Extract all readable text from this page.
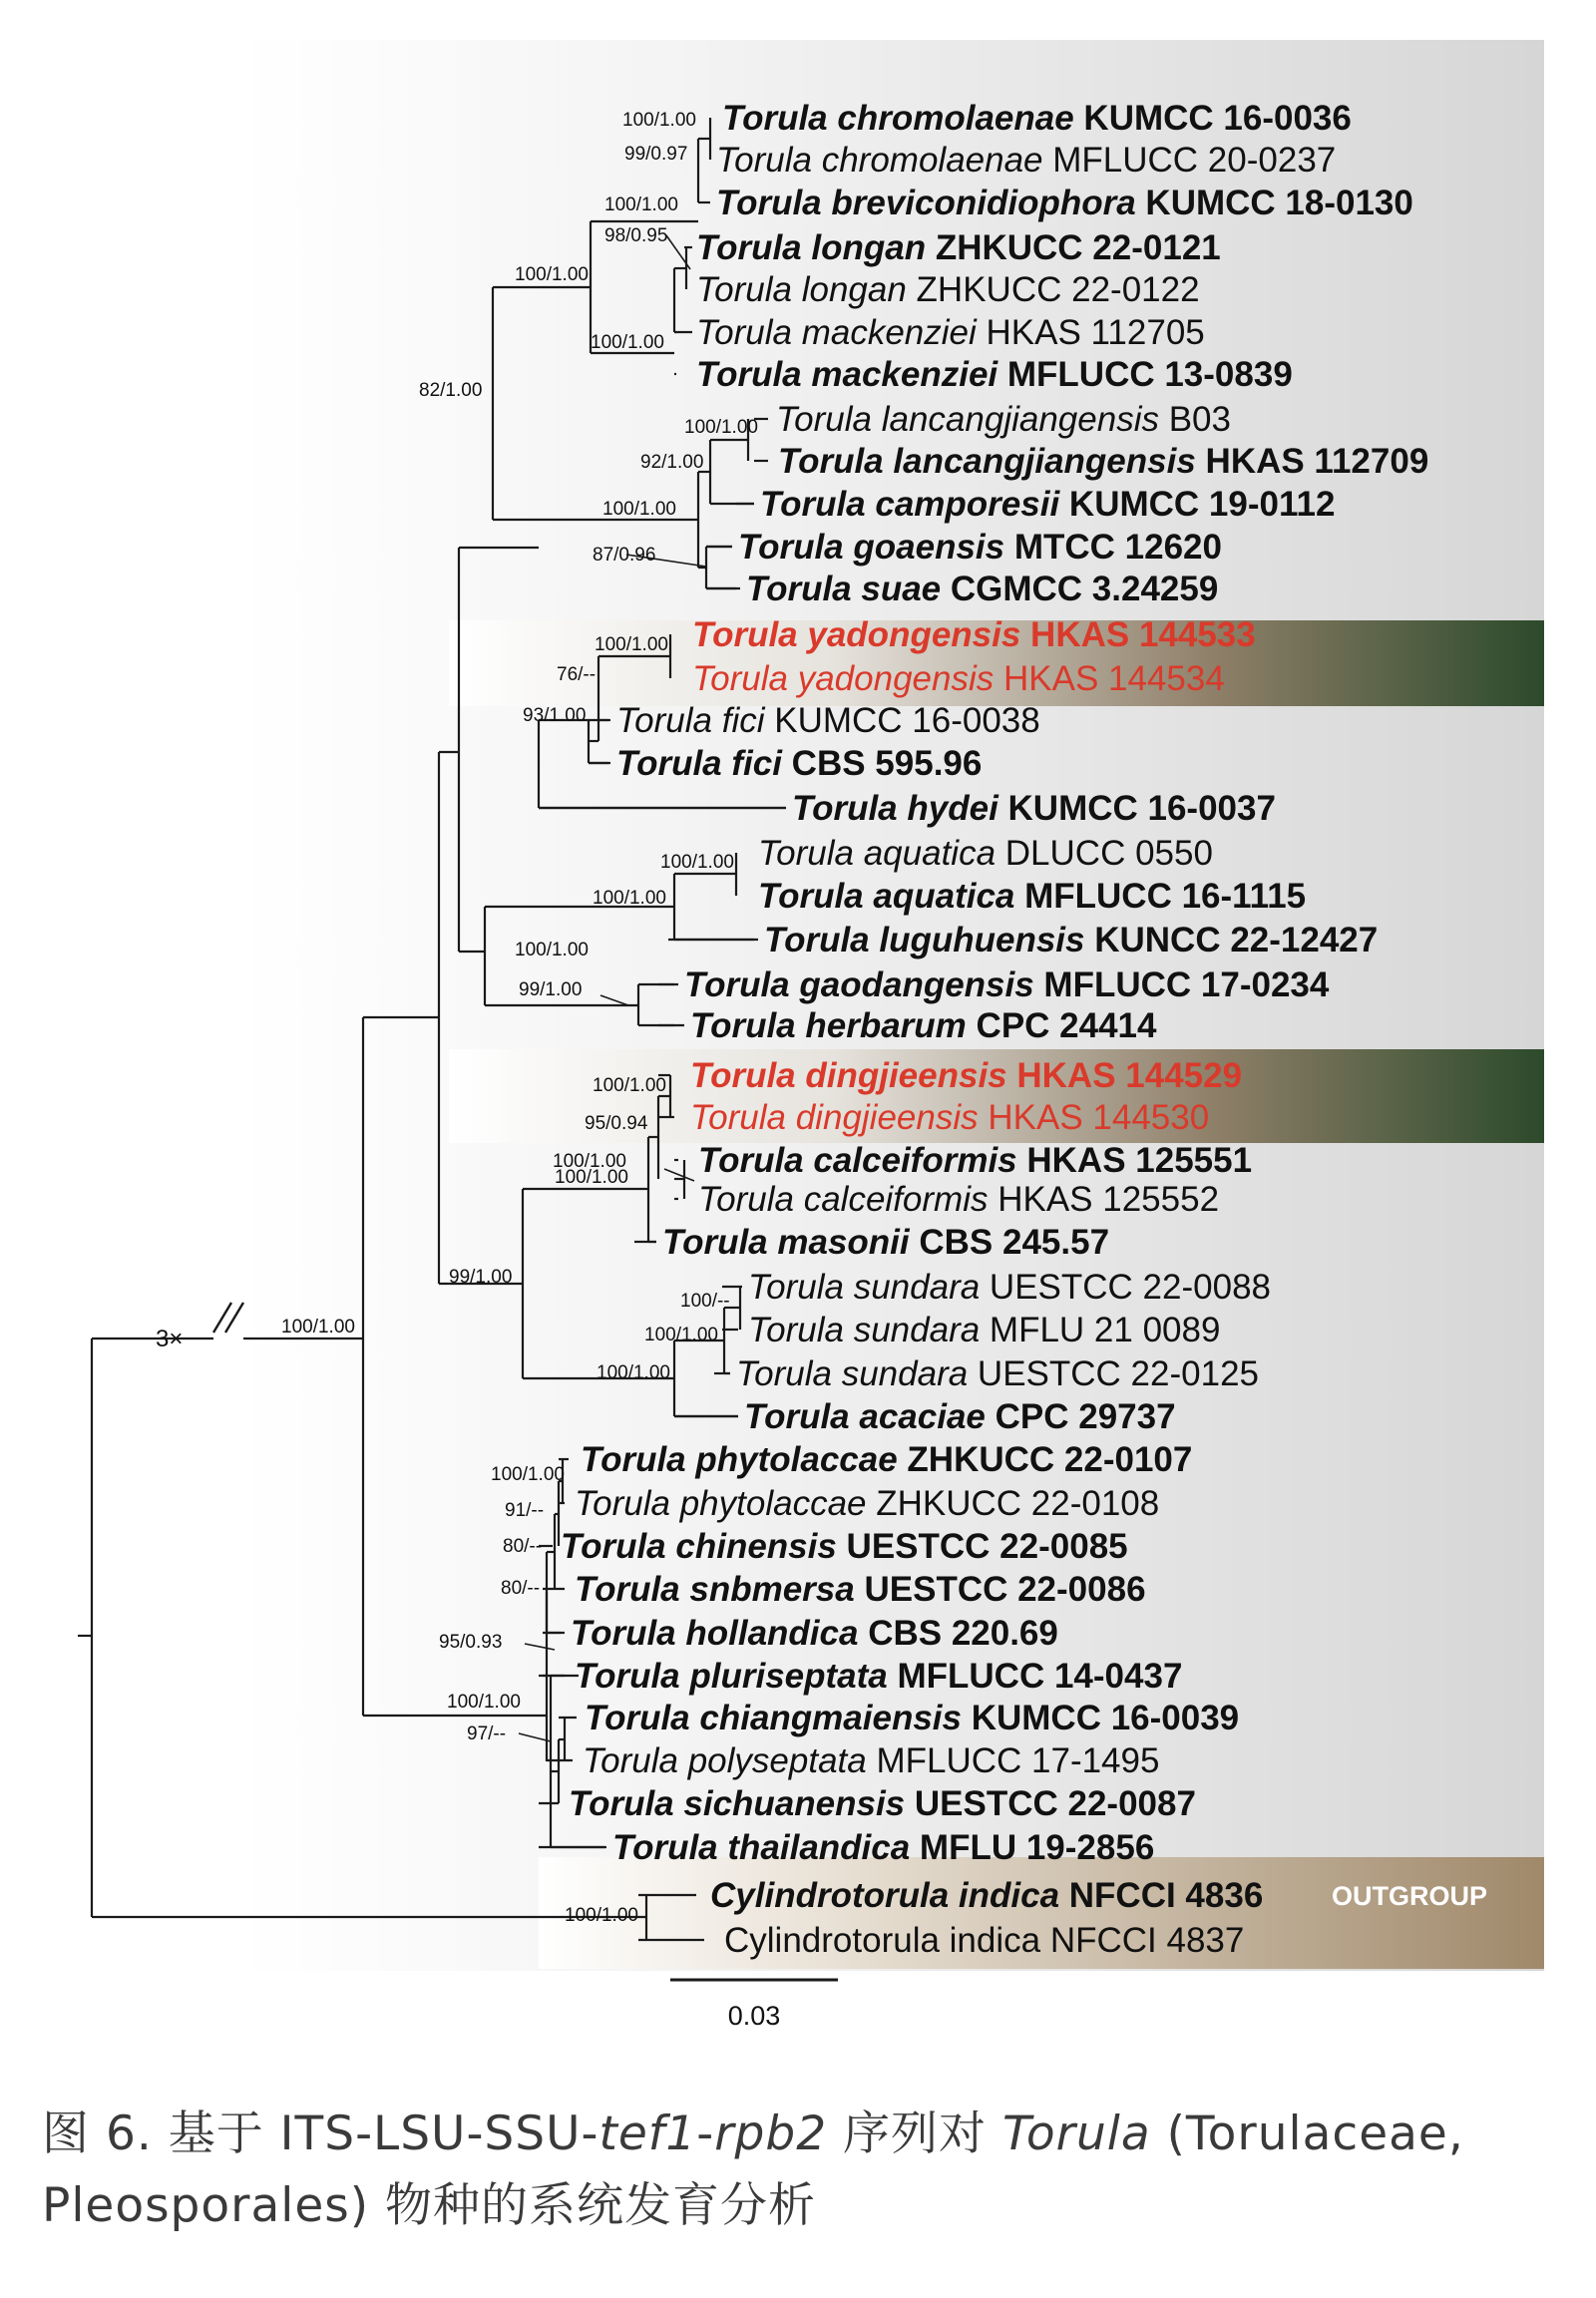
100/1.00
99/0.97
100/1.00
98/0.95
100/1.00
100/1.00
82/1.00
100/1.00
92/1.00
100/1.00
87/0.96
100/1.00
76/--
93/1.00
100/1.00
100/1.00
100/1.00
99/1.00
100/1.00
95/0.94
100/1.00
100/1.00
100/--
100/1.00
100/1.00
99/1.00
100/1.00
100/1.00
91/--
80/--
80/--
95/0.93
100/1.00
97/--
100/1.00
Torula chromolaenae KUMCC 16-0036
Torula chromolaenae MFLUCC 20-0237
Torula breviconidiophora KUMCC 18-0130
Torula longan ZHKUCC 22-0121
Torula longan ZHKUCC 22-0122
Torula mackenziei HKAS 112705
Torula mackenziei MFLUCC 13-0839
Torula lancangjiangensis B03
Torula lancangjiangensis HKAS 112709
Torula camporesii KUMCC 19-0112
Torula goaensis MTCC 12620
Torula suae CGMCC 3.24259
Torula yadongensis HKAS 144533
Torula yadongensis HKAS 144534
Torula fici KUMCC 16-0038
Torula fici CBS 595.96
Torula hydei KUMCC 16-0037
Torula aquatica DLUCC 0550
Torula aquatica MFLUCC 16-1115
Torula luguhuensis KUNCC 22-12427
Torula gaodangensis MFLUCC 17-0234
Torula herbarum CPC 24414
Torula dingjieensis HKAS 144529
Torula dingjieensis HKAS 144530
Torula calceiformis HKAS 125551
Torula calceiformis HKAS 125552
Torula masonii CBS 245.57
Torula sundara UESTCC 22-0088
Torula sundara MFLU 21 0089
Torula sundara UESTCC 22-0125
Torula acaciae CPC 29737
Torula phytolaccae ZHKUCC 22-0107
Torula phytolaccae ZHKUCC 22-0108
Torula chinensis UESTCC 22-0085
Torula snbmersa UESTCC 22-0086
Torula hollandica CBS 220.69
Torula pluriseptata MFLUCC 14-0437
Torula chiangmaiensis KUMCC 16-0039
Torula polyseptata MFLUCC 17-1495
Torula sichuanensis UESTCC 22-0087
Torula thailandica MFLU 19-2856
Cylindrotorula indica NFCCI 4836
Cylindrotorula indica NFCCI 4837
3×
OUTGROUP
0.03
图 6. 基于 ITS-LSU-SSU-tef1-rpb2 序列对 Torula (Torulaceae, Pleosporales) 物种的系统发育分析
